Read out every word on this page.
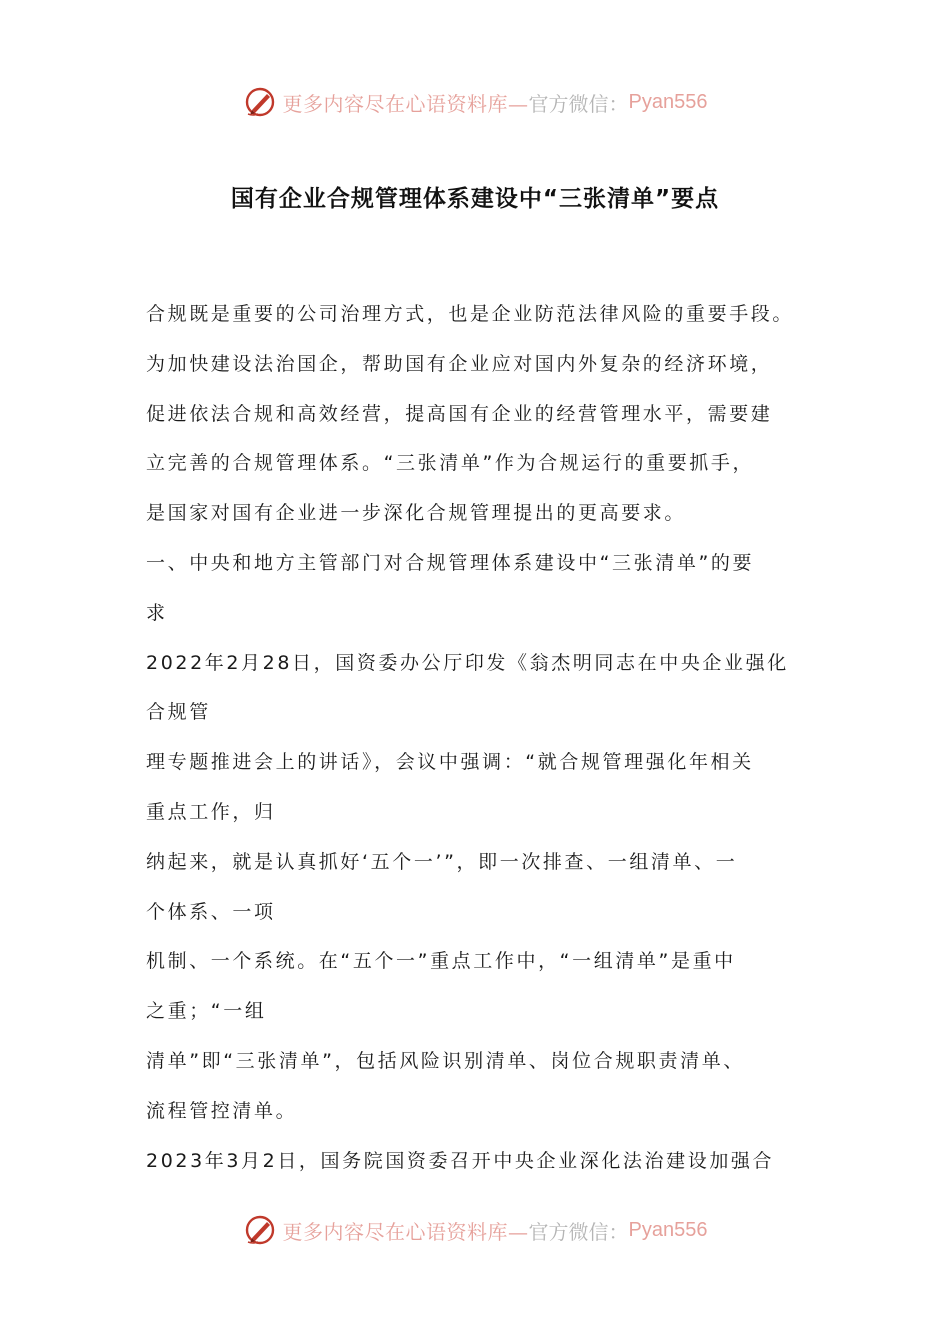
更多内容尽在心语资料库— 官方微信： Pyan556
国有企业合规管理体系建设中“三张清单”要点
合规既是重要的公司治理方式，也是企业防范法律风险的重要手段。
为加快建设法治国企，帮助国有企业应对国内外复杂的经济环境，
促进依法合规和高效经营，提高国有企业的经营管理水平，需要建
立完善的合规管理体系。“三张清单”作为合规运行的重要抓手，
是国家对国有企业进一步深化合规管理提出的更高要求。
一、中央和地方主管部门对合规管理体系建设中“三张清单”的要
求
2022年2月28日，国资委办公厅印发《翁杰明同志在中央企业强化
合规管
理专题推进会上的讲话》，会议中强调：“就合规管理强化年相关
重点工作，归
纳起来，就是认真抓好‘五个一’”，即一次排查、一组清单、一
个体系、一项
机制、一个系统。在“五个一”重点工作中，“一组清单”是重中
之重；“一组
清单”即“三张清单”，包括风险识别清单、岗位合规职责清单、
流程管控清单。
2023年3月2日，国务院国资委召开中央企业深化法治建设加强合
更多内容尽在心语资料库— 官方微信： Pyan556
